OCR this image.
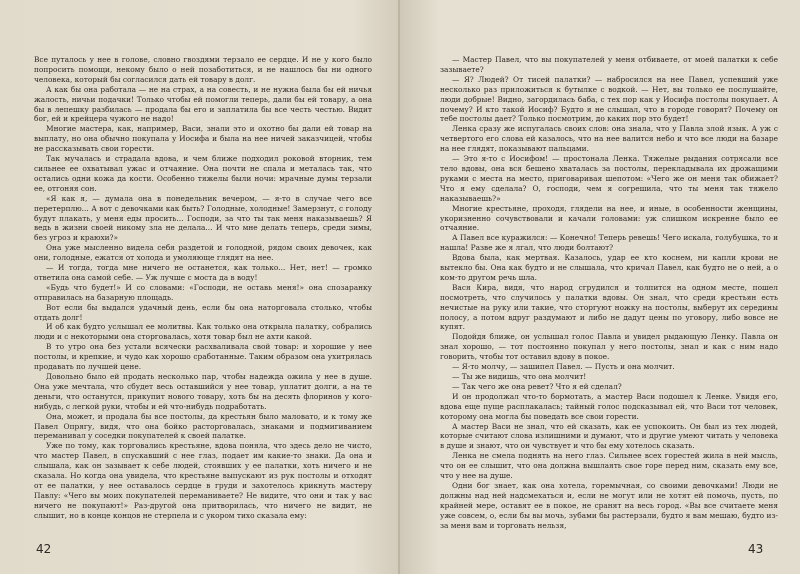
Все путалось у нее в голове, словно гвоздями терзало ее сердце. И не у кого было попросить помощи, некому было о ней позаботиться, и не нашлось бы ни одного человека, который бы согласился дать ей товару в долг.

А как бы она работала — не на страх, а на совесть, и не нужна была бы ей ничья жалость, ничьи подачки! Только чтобы ей помогли теперь, дали бы ей товару, а она бы в лепешку разбилась — продала бы его и заплатила бы все честь честью. Видит бог, ей и крейцера чужого не надо!

Многие мастера, как, например, Васи, знали это и охотно бы дали ей товар на выплату, но она обычно покупала у Иосифа и была на нее ничей заказчицей, чтобы не рассказывать свои горести.

Так мучалась и страдала вдова, и чем ближе подходил роковой вторник, тем сильнее ее охватывал ужас и отчаяние. Она почти не спала и металась так, что остались одни кожа да кости. Особенно тяжелы были ночи: мрачные думы терзали ее, отгоняя сон.

«Я как я, — думала она в понедельник вечером, — я-то в случае чего все перетерплю... А вот с девочками как быть? Голодные, холодные! Замерзнут, с голоду будут плакать, у меня еды просить... Господи, за что ты так меня наказываешь? Я ведь в жизни своей никому зла не делала... И что мне делать теперь, среди зимы, без угроз и краюхи?»

Она уже мысленно видела себя раздетой и голодной, рядом своих девочек, как они, голодные, ежатся от холода и умоляюще глядят на нее.

— И тогда, тогда мне ничего не останется, как только... Нет, нет! — громко ответила она самой себе. — Уж лучше с моста да в воду!

«Будь что будет!» И со словами: «Господи, не оставь меня!» она спозаранку отправилась на базарную площадь.

Вот если бы выдался удачный день, если бы она наторговала столько, чтобы отдать долг!

И об как будто услышал ее молитвы. Как только она открыла палатку, собрались люди и с некоторыми она сторговалась, хотя товар был не ахти какой.

В то утро она без устали всячески расхваливала свой товар: и хорошие у нее постолы, и крепкие, и чудо как хорошо сработанные. Таким образом она ухитрялась продавать по лучшей цене.

Довольно было ей продать несколько пар, чтобы надежда ожила у нее в душе. Она уже мечтала, что сбудет весь оставшийся у нее товар, уплатит долги, а на те деньги, что останутся, прикупит нового товару, хоть бы на десять флоринов у кого-нибудь, с легкой руки, чтобы и ей что-нибудь подработать.

Она, может, и продала бы все постолы, да крестьян было маловато, и к тому же Павел Опрягу, видя, что она бойко расторговалась, знаками и подмигиванием переманивал у соседки покупателей к своей палатке.

Уже по тому, как торговались крестьяне, вдова поняла, что здесь дело не чисто, что мастер Павел, в спускавший с нее глаз, подает им какие-то знаки. Да она и слышала, как он зазывает к себе людей, стоявших у ее палатки, хоть ничего и не сказала. Но когда она увидела, что крестьяне выпускают из рук постолы и отходят от ее палатки, у нее оставалось сердце в груди и захотелось крикнуть мастеру Павлу: «Чего вы моих покупателей переманиваете? Не видите, что они и так у вас ничего не покупают!» Раз-другой она притворилась, что ничего не видит, не слышит, но в конце концов не стерпела и с укором тихо сказала ему:

42

— Мастер Павел, что вы покупателей у меня отбиваете, от моей палатки к себе зазываете?

— Я? Людей? От тисей палатки? — набросился на нее Павел, успевший уже несколько раз приложиться к бутылке с водкой. — Нет, вы только ее послушайте, люди добрые! Видно, загордилась баба, с тех пор как у Иосифа постолы покупает. А почему? И кто такой Иосиф? Будто я не слышал, что в городе говорят? Почему он тебе постолы дает? Только посмотрим, до каких пор это будет!

Ленка сразу же испугалась своих слов: она знала, что у Павла злой язык. А уж с четвертого его слова ей казалось, что на нее валится небо и что все люди на базаре на нее глядят, показывают пальцами.

— Это я-то с Иосифом! — простонала Ленка. Тяжелые рыдания сотрясали все тело вдовы, она вся бешено хваталась за постолы, перекладывала их дрожащими руками с места на место, приговаривая шепотом: «Чего же он меня так обижает? Что я ему сделала? О, господи, чем я согрешила, что ты меня так тяжело наказываешь?»

Многие крестьяне, проходя, глядели на нее, и иные, в особенности женщины, укоризненно сочувствовали и качали головами: уж слишком искренне было ее отчаяние.

А Павел все куражился: — Конечно! Теперь ревешь! Чего искала, голубушка, то и нашла! Разве же я лгал, что люди болтают?

Вдова была, как мертвая. Казалось, удар ее кто коснем, ни капли крови не вытекло бы. Она как будто и не слышала, что кричал Павел, как будто не о ней, а о ком-то другом речь шла.

Вася Кира, видя, что народ сгрудился и толпится на одном месте, пошел посмотреть, что случилось у палатки вдовы. Он знал, что среди крестьян есть нечистые на руку или такие, что сторгуют ножку на постолы, выберут их середины полосу, а потом вдруг раздумают и либо не дадут цены по уговору, либо вовсе не купят.

Подойдя ближе, он услышал голос Павла и увидел рыдающую Ленку. Павла он знал хорошо, — тот постоянно покупал у него постолы, знал и как с ним надо говорить, чтобы тот оставил вдову в покое.

— Я-то молчу, — зашипел Павел. — Пусть и она молчит.

— Ты же видишь, что она молчит!

— Так чего же она ревет? Что я ей сделал?

И он продолжал что-то бормотать, а мастер Васи подошел к Ленке. Увидя его, вдова еще пуще расплакалась; тайный голос подсказывал ей, что Васи тот человек, которому она могла бы поведать все свои горести.

А мастер Васи не знал, что ей сказать, как ее успокоить. Он был из тех людей, которые считают слова излишними и думают, что и другие умеют читать у человека в душе и знают, что он чувствует и что бы ему хотелось сказать.

Ленка не смела поднять на него глаз. Сильнее всех горестей жила в ней мысль, что он ее слышит, что она должна вышлаять свое горе перед ним, сказать ему все, что у нее на душе.

Одни бог знает, как она хотела, горемычная, со своими девочками! Люди не должны над ней надсмехаться и, если не могут или не хотят ей помочь, пусть, по крайней мере, оставят ее в покое, не сранят на весь город. «Вы все считаете меня уже совсем, о, если бы вы мочь, зубами бы растерзали, будто я вам мешаю, будто из-за меня вам и торговать нельзя,

43
